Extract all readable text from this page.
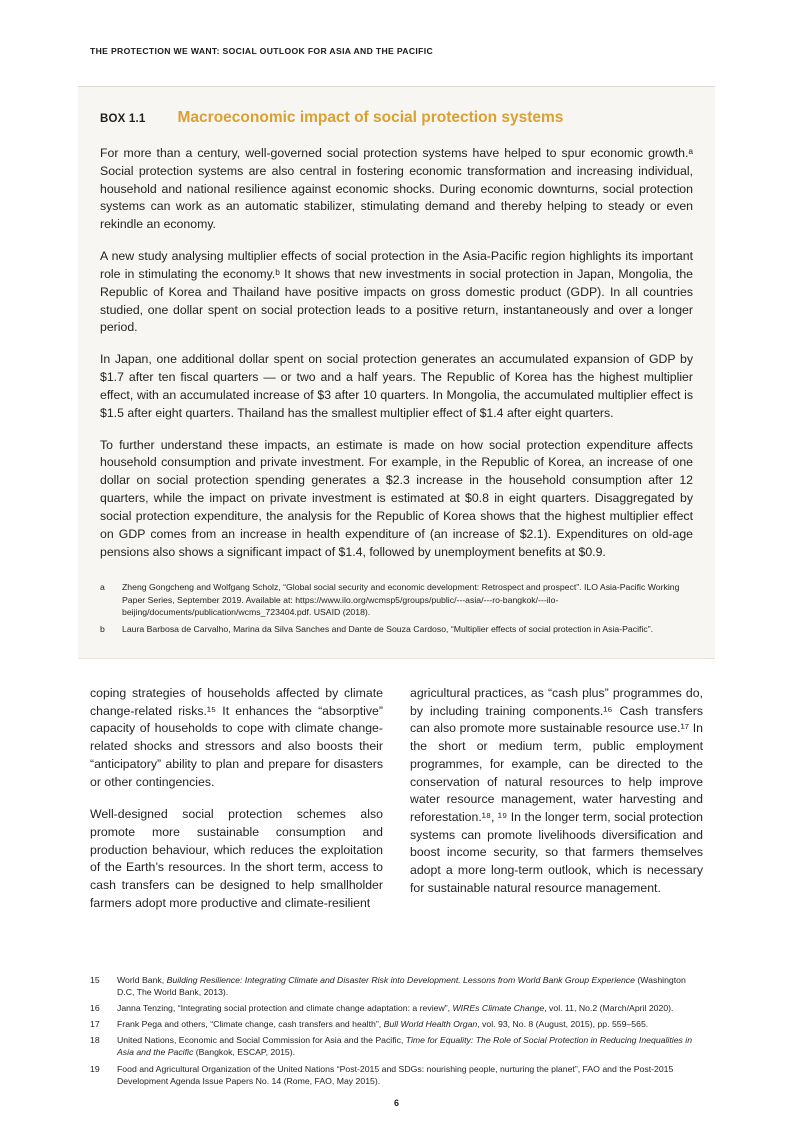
THE PROTECTION WE WANT: SOCIAL OUTLOOK FOR ASIA AND THE PACIFIC
BOX 1.1 Macroeconomic impact of social protection systems

For more than a century, well-governed social protection systems have helped to spur economic growth.ᵃ Social protection systems are also central in fostering economic transformation and increasing individual, household and national resilience against economic shocks. During economic downturns, social protection systems can work as an automatic stabilizer, stimulating demand and thereby helping to steady or even rekindle an economy.

A new study analysing multiplier effects of social protection in the Asia-Pacific region highlights its important role in stimulating the economy.ᵇ It shows that new investments in social protection in Japan, Mongolia, the Republic of Korea and Thailand have positive impacts on gross domestic product (GDP). In all countries studied, one dollar spent on social protection leads to a positive return, instantaneously and over a longer period.

In Japan, one additional dollar spent on social protection generates an accumulated expansion of GDP by $1.7 after ten fiscal quarters — or two and a half years. The Republic of Korea has the highest multiplier effect, with an accumulated increase of $3 after 10 quarters. In Mongolia, the accumulated multiplier effect is $1.5 after eight quarters. Thailand has the smallest multiplier effect of $1.4 after eight quarters.

To further understand these impacts, an estimate is made on how social protection expenditure affects household consumption and private investment. For example, in the Republic of Korea, an increase of one dollar on social protection spending generates a $2.3 increase in the household consumption after 12 quarters, while the impact on private investment is estimated at $0.8 in eight quarters. Disaggregated by social protection expenditure, the analysis for the Republic of Korea shows that the highest multiplier effect on GDP comes from an increase in health expenditure of (an increase of $2.1). Expenditures on old-age pensions also shows a significant impact of $1.4, followed by unemployment benefits at $0.9.

a	Zheng Gongcheng and Wolfgang Scholz, “Global social security and economic development: Retrospect and prospect”. ILO Asia-Pacific Working Paper Series, September 2019. Available at: https://www.ilo.org/wcmsp5/groups/public/---asia/---ro-bangkok/---ilo-beijing/documents/publication/wcms_723404.pdf. USAID (2018).
b	Laura Barbosa de Carvalho, Marina da Silva Sanches and Dante de Souza Cardoso, “Multiplier effects of social protection in Asia-Pacific”.

coping strategies of households affected by climate change-related risks.¹⁵ It enhances the “absorptive” capacity of households to cope with climate change-related shocks and stressors and also boosts their “anticipatory” ability to plan and prepare for disasters or other contingencies.

Well-designed social protection schemes also promote more sustainable consumption and production behaviour, which reduces the exploitation of the Earth’s resources. In the short term, access to cash transfers can be designed to help smallholder farmers adopt more productive and climate-resilient

agricultural practices, as “cash plus” programmes do, by including training components.¹⁶ Cash transfers can also promote more sustainable resource use.¹⁷ In the short or medium term, public employment programmes, for example, can be directed to the conservation of natural resources to help improve water resource management, water harvesting and reforestation.¹⁸, ¹⁹ In the longer term, social protection systems can promote livelihoods diversification and boost income security, so that farmers themselves adopt a more long-term outlook, which is necessary for sustainable natural resource management.

15	World Bank, Building Resilience: Integrating Climate and Disaster Risk into Development. Lessons from World Bank Group Experience (Washington D.C, The World Bank, 2013).
16	Janna Tenzing, “Integrating social protection and climate change adaptation: a review”, WIREs Climate Change, vol. 11, No.2 (March/April 2020).
17	Frank Pega and others, “Climate change, cash transfers and health”, Bull World Health Organ, vol. 93, No. 8 (August, 2015), pp. 559–565.
18	United Nations, Economic and Social Commission for Asia and the Pacific, Time for Equality: The Role of Social Protection in Reducing Inequalities in Asia and the Pacific (Bangkok, ESCAP, 2015).
19	Food and Agricultural Organization of the United Nations “Post-2015 and SDGs: nourishing people, nurturing the planet”, FAO and the Post-2015 Development Agenda Issue Papers No. 14 (Rome, FAO, May 2015).
6
